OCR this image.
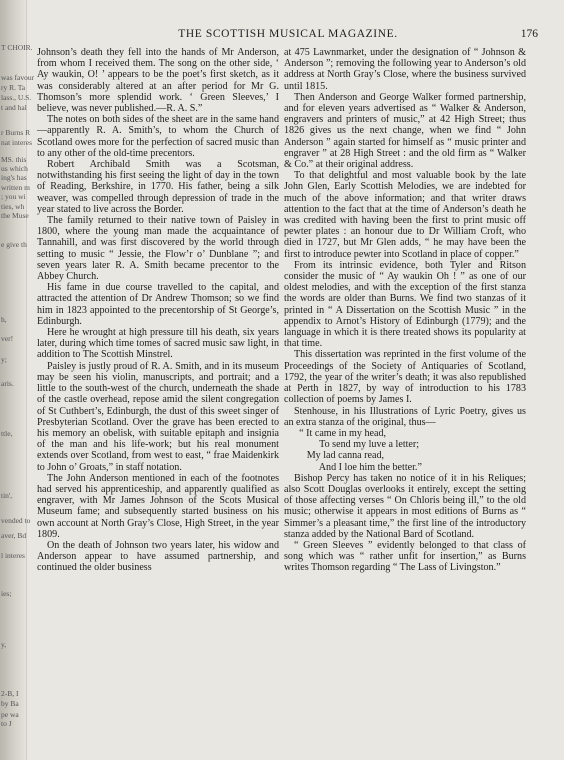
T CHOIR.
was favour
ry R. Ta
lass., U.S.
t and hal
r Burns R
nat interes
MS. this
us which
ing's has
written m
; you wi
ties, wh
the Muse
e give th
h,
ver!
y;
aris.
ttle,
tin',
vended to
aver, Bd
l interes
ies;
y,
2-B, I
by Ba
pe wa
to J
THE SCOTTISH MUSICAL MAGAZINE.	176

Johnson’s death they fell into the hands of Mr Anderson, from whom I received them. The song on the other side, ‘ Ay waukin, O! ’ appears to be the poet’s first sketch, as it was considerably altered at an after period for Mr G. Thomson’s more splendid work. ‘ Green Sleeves,’ I believe, was never published.—R. A. S.”

The notes on both sides of the sheet are in the same hand—apparently R. A. Smith’s, to whom the Church of Scotland owes more for the perfection of sacred music than to any other of the old-time precentors.

Robert Archibald Smith was a Scotsman, notwithstanding his first seeing the light of day in the town of Reading, Berkshire, in 1770. His father, being a silk weaver, was compelled through depression of trade in the year stated to live across the Border.

The family returned to their native town of Paisley in 1800, where the young man made the acquaintance of Tannahill, and was first discovered by the world through setting to music “ Jessie, the Flow’r o’ Dunblane ”; and seven years later R. A. Smith became precentor to the Abbey Church.

His fame in due course travelled to the capital, and attracted the attention of Dr Andrew Thomson; so we find him in 1823 appointed to the precentorship of St George’s, Edinburgh.

Here he wrought at high pressure till his death, six years later, during which time tomes of sacred music saw light, in addition to The Scottish Minstrel.

Paisley is justly proud of R. A. Smith, and in its museum may be seen his violin, manuscripts, and portrait; and a little to the south-west of the church, underneath the shade of the castle overhead, repose amid the silent congregation of St Cuthbert’s, Edinburgh, the dust of this sweet singer of Presbyterian Scotland. Over the grave has been erected to his memory an obelisk, with suitable epitaph and insignia of the man and his life-work; but his real monument extends over Scotland, from west to east, “ frae Maidenkirk to John o’ Groats,” in staff notation.

The John Anderson mentioned in each of the footnotes had served his apprenticeship, and apparently qualified as engraver, with Mr James Johnson of the Scots Musical Museum fame; and subsequently started business on his own account at North Gray’s Close, High Street, in the year 1809.

On the death of Johnson two years later, his widow and Anderson appear to have assumed partnership, and continued the older business

at 475 Lawnmarket, under the designation of “ Johnson & Anderson ”; removing the following year to Anderson’s old address at North Gray’s Close, where the business survived until 1815.

Then Anderson and George Walker formed partnership, and for eleven years advertised as “ Walker & Anderson, engravers and printers of music,” at 42 High Street; thus 1826 gives us the next change, when we find “ John Anderson ” again started for himself as “ music printer and engraver ” at 28 High Street : and the old firm as “ Walker & Co.” at their original address.

To that delightful and most valuable book by the late John Glen, Early Scottish Melodies, we are indebted for much of the above information; and that writer draws attention to the fact that at the time of Anderson’s death he was credited with having been the first to print music off pewter plates : an honour due to Dr William Croft, who died in 1727, but Mr Glen adds, “ he may have been the first to introduce pewter into Scotland in place of copper.”

From its intrinsic evidence, both Tyler and Ritson consider the music of “ Ay waukin Oh ! ” as one of our oldest melodies, and with the exception of the first stanza the words are older than Burns. We find two stanzas of it printed in “ A Dissertation on the Scottish Music ” in the appendix to Arnot’s History of Edinburgh (1779); and the language in which it is there treated shows its popularity at that time.

This dissertation was reprinted in the first volume of the Proceedings of the Society of Antiquaries of Scotland, 1792, the year of the writer’s death; it was also republished at Perth in 1827, by way of introduction to his 1783 collection of poems by James I.

Stenhouse, in his Illustrations of Lyric Poetry, gives us an extra stanza of the original, thus—

“ It came in my head,
To send my luve a letter;
My lad canna read,
And I loe him the better.”

Bishop Percy has taken no notice of it in his Reliques; also Scott Douglas overlooks it entirely, except the setting of those affecting verses “ On Chloris being ill,” to the old music; otherwise it appears in most editions of Burns as “ Simmer’s a pleasant time,” the first line of the introductory stanza added by the National Bard of Scotland.

“ Green Sleeves ” evidently belonged to that class of song which was “ rather unfit for insertion,” as Burns writes Thomson regarding “ The Lass of Livingston.”
